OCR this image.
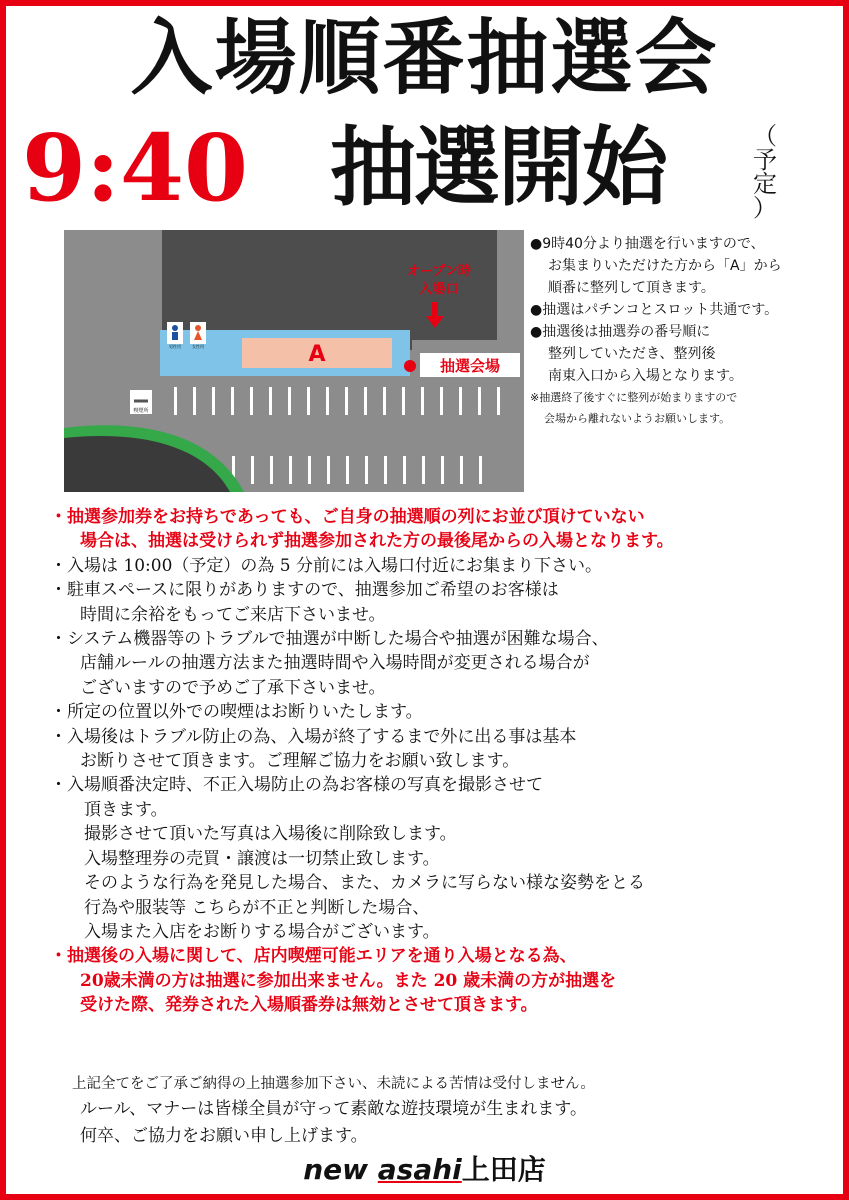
入場順番抽選会
9:40 抽選開始	（
予
定
）
A
男性用	女性用
喫煙所
オープン時
入場口
抽選会場

●9時40分より抽選を行いますので、

お集まりいただけた方から「A」から

順番に整列して頂きます。

●抽選はパチンコとスロット共通です。

●抽選後は抽選券の番号順に

整列していただき、整列後

南東入口から入場となります。

※抽選終了後すぐに整列が始まりますので

会場から離れないようお願いします。

・抽選参加券をお持ちであっても、ご自身の抽選順の列にお並び頂けていない

場合は、抽選は受けられず抽選参加された方の最後尾からの入場となります。

・入場は 10:00（予定）の為 5 分前には入場口付近にお集まり下さい。

・駐車スペースに限りがありますので、抽選参加ご希望のお客様は

時間に余裕をもってご来店下さいませ。

・システム機器等のトラブルで抽選が中断した場合や抽選が困難な場合、

店舗ルールの抽選方法また抽選時間や入場時間が変更される場合が

ございますので予めご了承下さいませ。

・所定の位置以外での喫煙はお断りいたします。

・入場後はトラブル防止の為、入場が終了するまで外に出る事は基本

お断りさせて頂きます。ご理解ご協力をお願い致します。

・入場順番決定時、不正入場防止の為お客様の写真を撮影させて

頂きます。

撮影させて頂いた写真は入場後に削除致します。

入場整理券の売買・譲渡は一切禁止致します。

そのような行為を発見した場合、また、カメラに写らない様な姿勢をとる

行為や服装等 こちらが不正と判断した場合、

入場また入店をお断りする場合がございます。

・抽選後の入場に関して、店内喫煙可能エリアを通り入場となる為、

20歳未満の方は抽選に参加出来ません。また 20 歳未満の方が抽選を

受けた際、発券された入場順番券は無効とさせて頂きます。

上記全てをご了承ご納得の上抽選参加下さい、未読による苦情は受付しません。

ルール、マナーは皆様全員が守って素敵な遊技環境が生まれます。

何卒、ご協力をお願い申し上げます。

new asahi上田店
